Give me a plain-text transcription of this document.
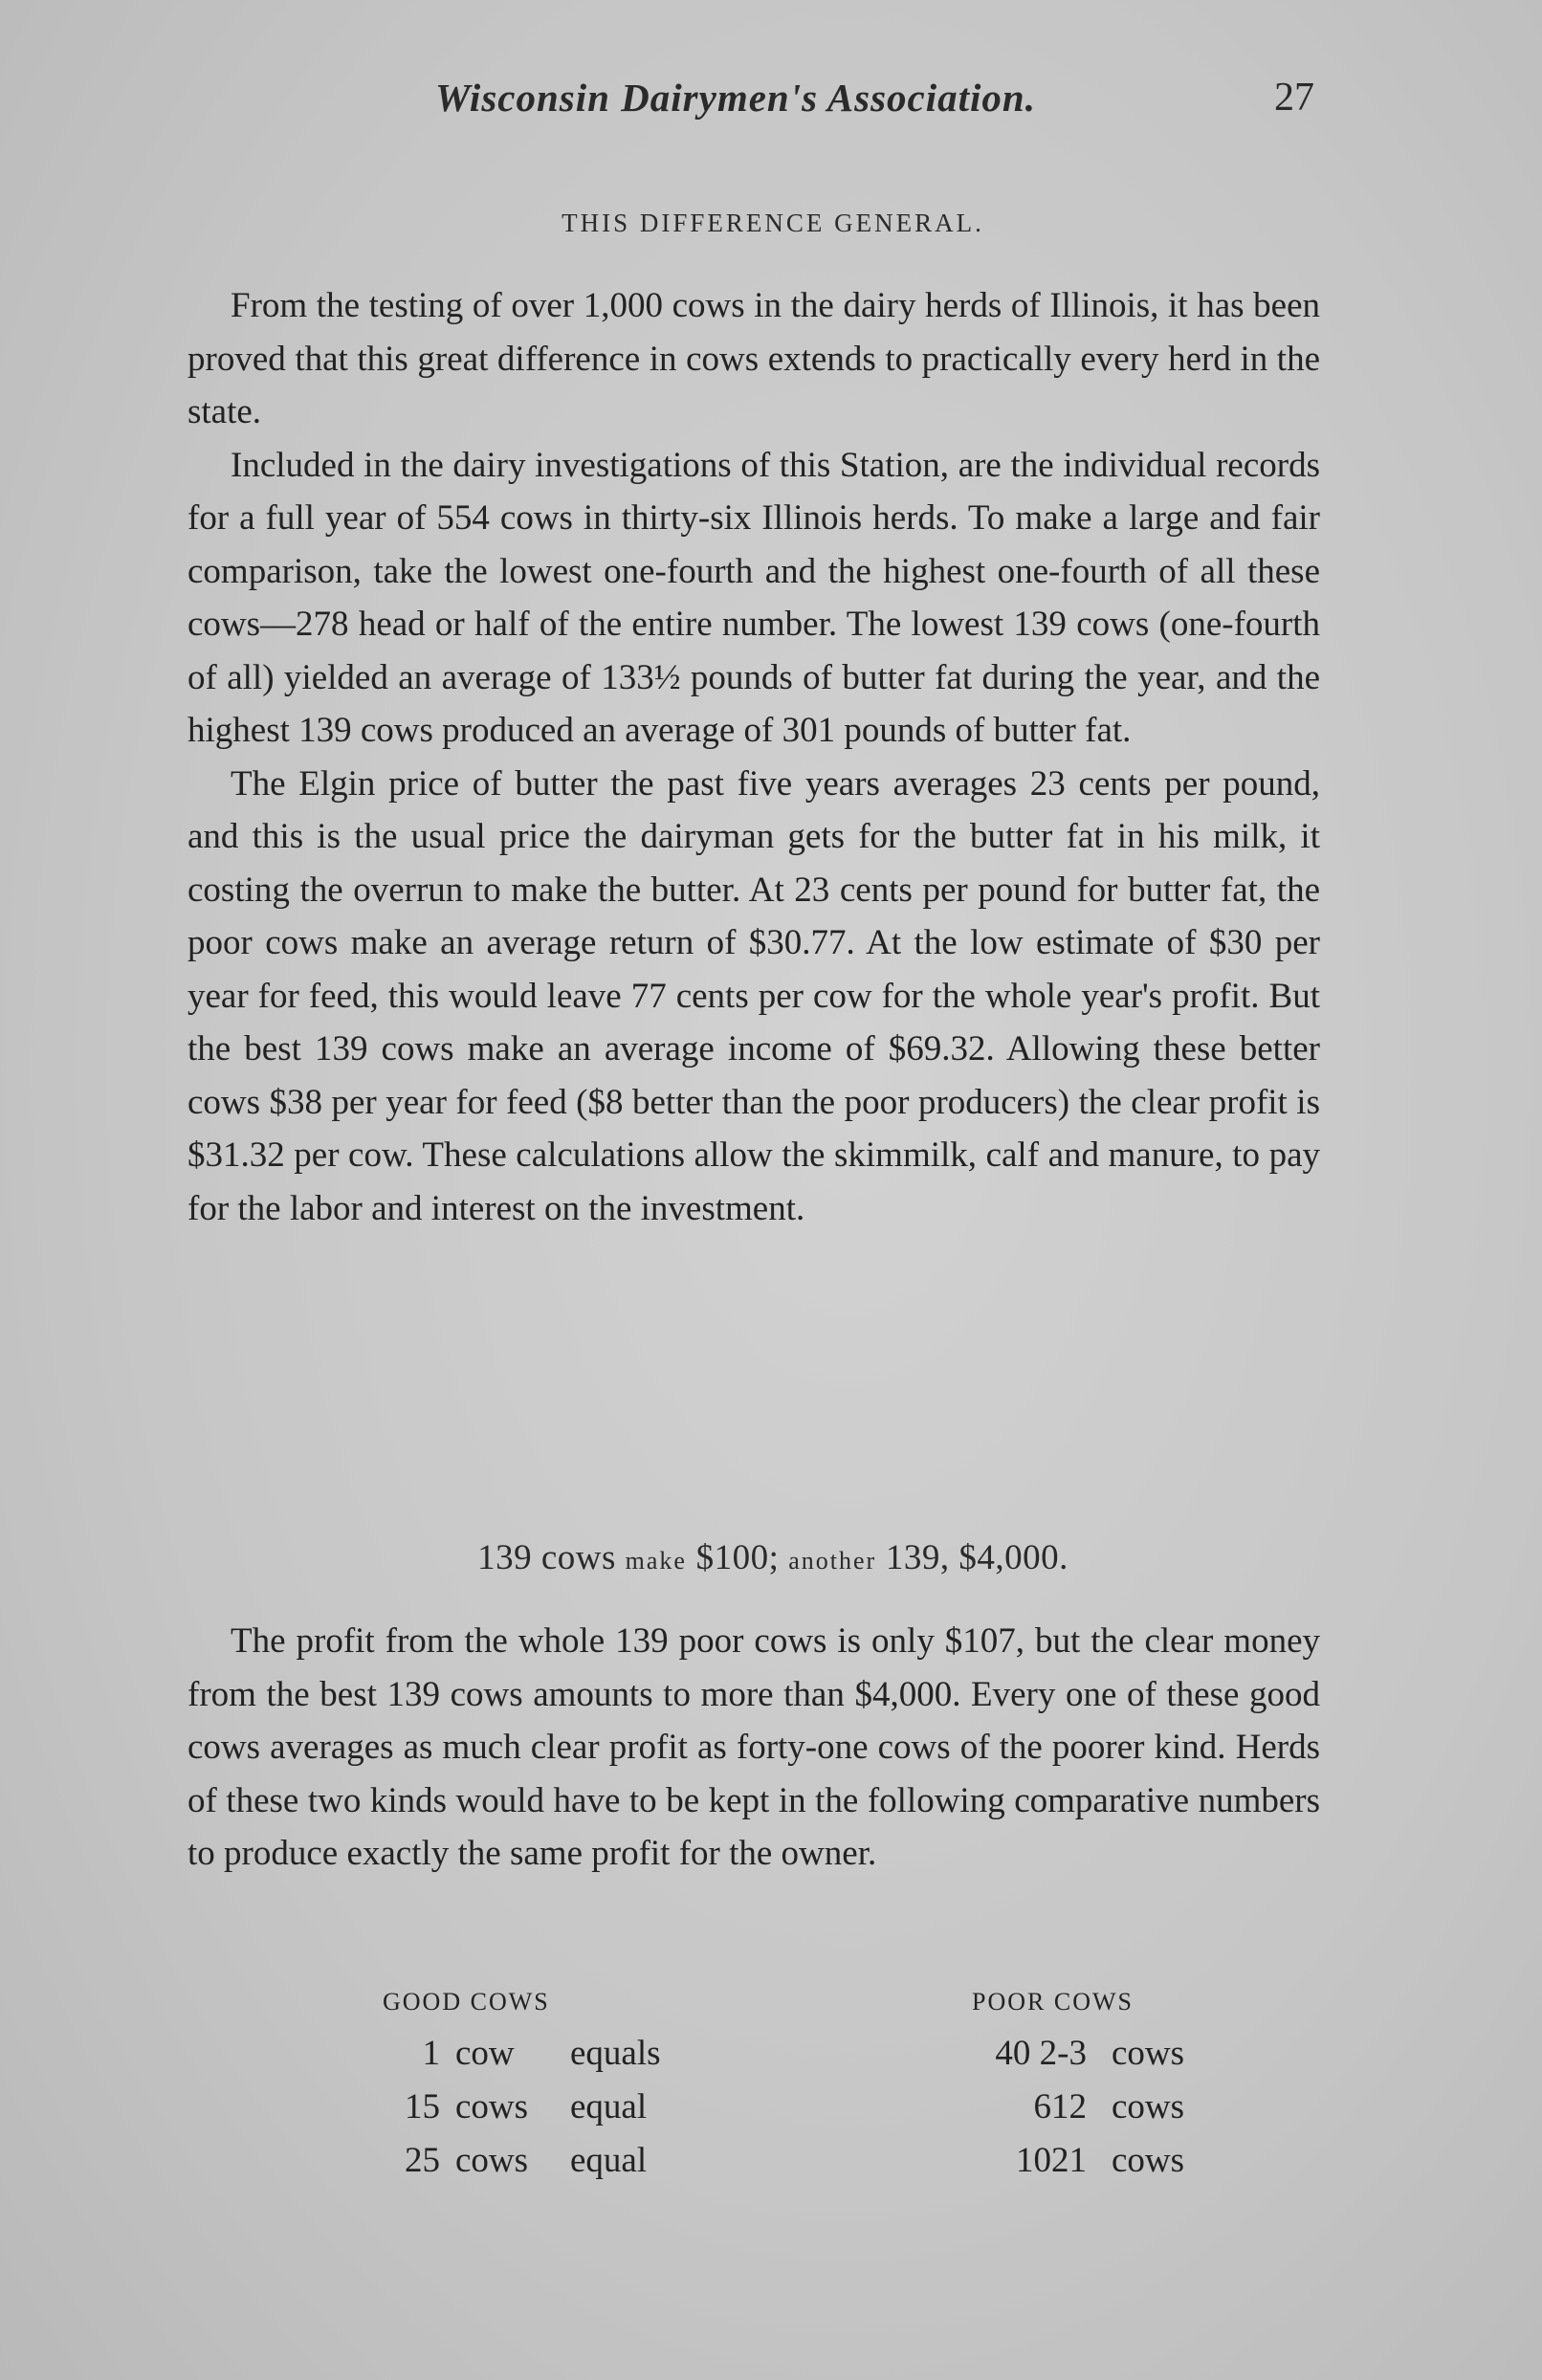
Wisconsin Dairymen's Association.	27
THIS DIFFERENCE GENERAL.

From the testing of over 1,000 cows in the dairy herds of Illinois, it has been proved that this great difference in cows extends to practically every herd in the state.

Included in the dairy investigations of this Station, are the individual records for a full year of 554 cows in thirty-six Illinois herds. To make a large and fair comparison, take the lowest one-fourth and the highest one-fourth of all these cows—278 head or half of the entire number. The lowest 139 cows (one-fourth of all) yielded an average of 133½ pounds of butter fat during the year, and the highest 139 cows produced an average of 301 pounds of butter fat.

The Elgin price of butter the past five years averages 23 cents per pound, and this is the usual price the dairyman gets for the butter fat in his milk, it costing the overrun to make the butter. At 23 cents per pound for butter fat, the poor cows make an average return of $30.77. At the low estimate of $30 per year for feed, this would leave 77 cents per cow for the whole year's profit. But the best 139 cows make an average income of $69.32. Allowing these better cows $38 per year for feed ($8 better than the poor producers) the clear profit is $31.32 per cow. These calculations allow the skimmilk, calf and manure, to pay for the labor and interest on the investment.

139 cows make $100; another 139, $4,000.

The profit from the whole 139 poor cows is only $107, but the clear money from the best 139 cows amounts to more than $4,000. Every one of these good cows averages as much clear profit as forty-one cows of the poorer kind. Herds of these two kinds would have to be kept in the following comparative numbers to produce exactly the same profit for the owner.

GOOD COWS			POOR COWS	
1	cow	equals	40 2-3	cows
15	cows	equal	612	cows
25	cows	equal	1021	cows
